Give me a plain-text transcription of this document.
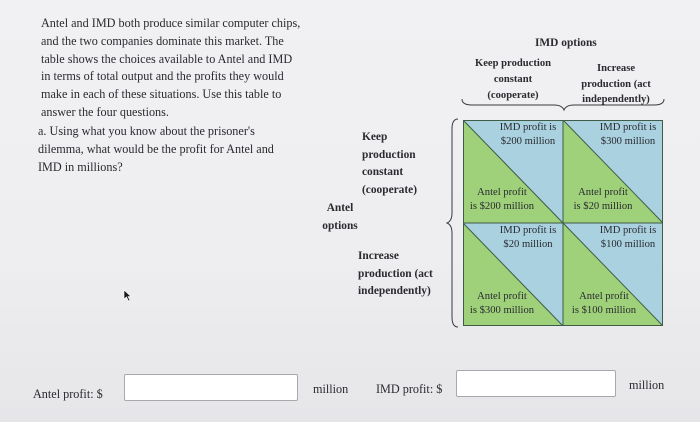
Antel and IMD both produce similar computer chips,
and the two companies dominate this market. The
table shows the choices available to Antel and IMD
in terms of total output and the profits they would
make in each of these situations. Use this table to
answer the four questions.

a. Using what you know about the prisoner's
dilemma, what would be the profit for Antel and
IMD in millions?

IMD options
Keep production
constant
(cooperate)
Increase
production (act
independently)
Antel
options
Keep
production
constant
(cooperate)
Increase
production (act
independently)
IMD profit is
$200 million
Antel profit
is $200 million
IMD profit is
$300 million
Antel profit
is $20 million
IMD profit is
$20 million
Antel profit
is $300 million
IMD profit is
$100 million
Antel profit
is $100 million
Antel profit: $	million IMD profit: $	million
